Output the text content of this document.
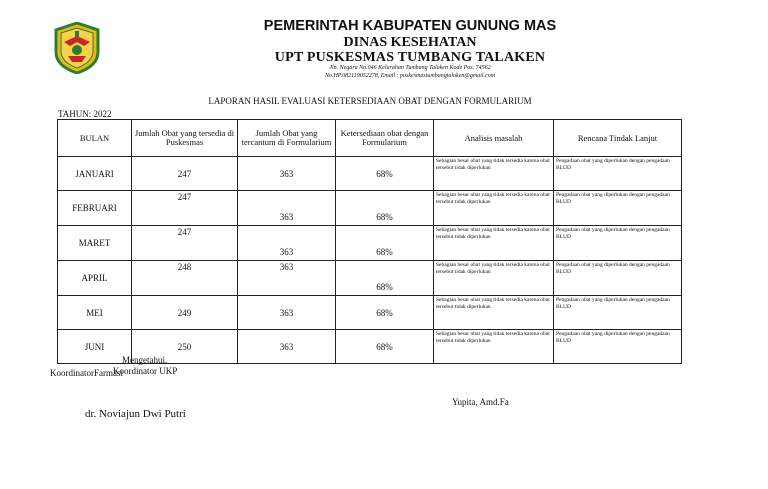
PEMERINTAH KABUPATEN GUNUNG MAS
DINAS KESEHATAN
UPT PUSKESMAS TUMBANG TALAKEN
Jln. Negara No.046 Kelurahan Tumbang Talaken Kode Pos. 74562
No.HP.082119052278, Email : puskesmastumbangtalaken@gmail.com
LAPORAN HASIL EVALUASI KETERSEDIAAN OBAT DENGAN FORMULARIUM
TAHUN: 2022
BULAN	Jumlah Obat yang tersedia di Puskesmas	Jumlah Obat yang tercantum di Formularium	Ketersediaan obat dengan Formularium	Analisis masalah	Rencana Tindak Lanjut
JANUARI	247	363	68%	Sebagian besar obat yang tidak tersedia karena obat tersebut tidak diperlukan	Pengadaan obat yang diperlukan dengan pengadaan BLUD
FEBRUARI	247	363	68%	Sebagian besar obat yang tidak tersedia karena obat tersebut tidak diperlukan	Pengadaan obat yang diperlukan dengan pengadaan BLUD
MARET	247	363	68%	Sebagian besar obat yang tidak tersedia karena obat tersebut tidak diperlukan	Pengadaan obat yang diperlukan dengan pengadaan BLUD
APRIL	248	363	68%	Sebagian besar obat yang tidak tersedia karena obat tersebut tidak diperlukan	Pengadaan obat yang diperlukan dengan pengadaan BLUD
MEI	249	363	68%	Sebagian besar obat yang tidak tersedia karena obat tersebut tidak diperlukan	Pengadaan obat yang diperlukan dengan pengadaan BLUD
JUNI	250	363	68%	Sebagian besar obat yang tidak tersedia karena obat tersebut tidak diperlukan	Pengadaan obat yang diperlukan dengan pengadaan BLUD
Mengetahui,
KoordinatorFarmasi
Koordinator UKP
Yupita, Amd.Fa
dr. Noviajun Dwi Putri
